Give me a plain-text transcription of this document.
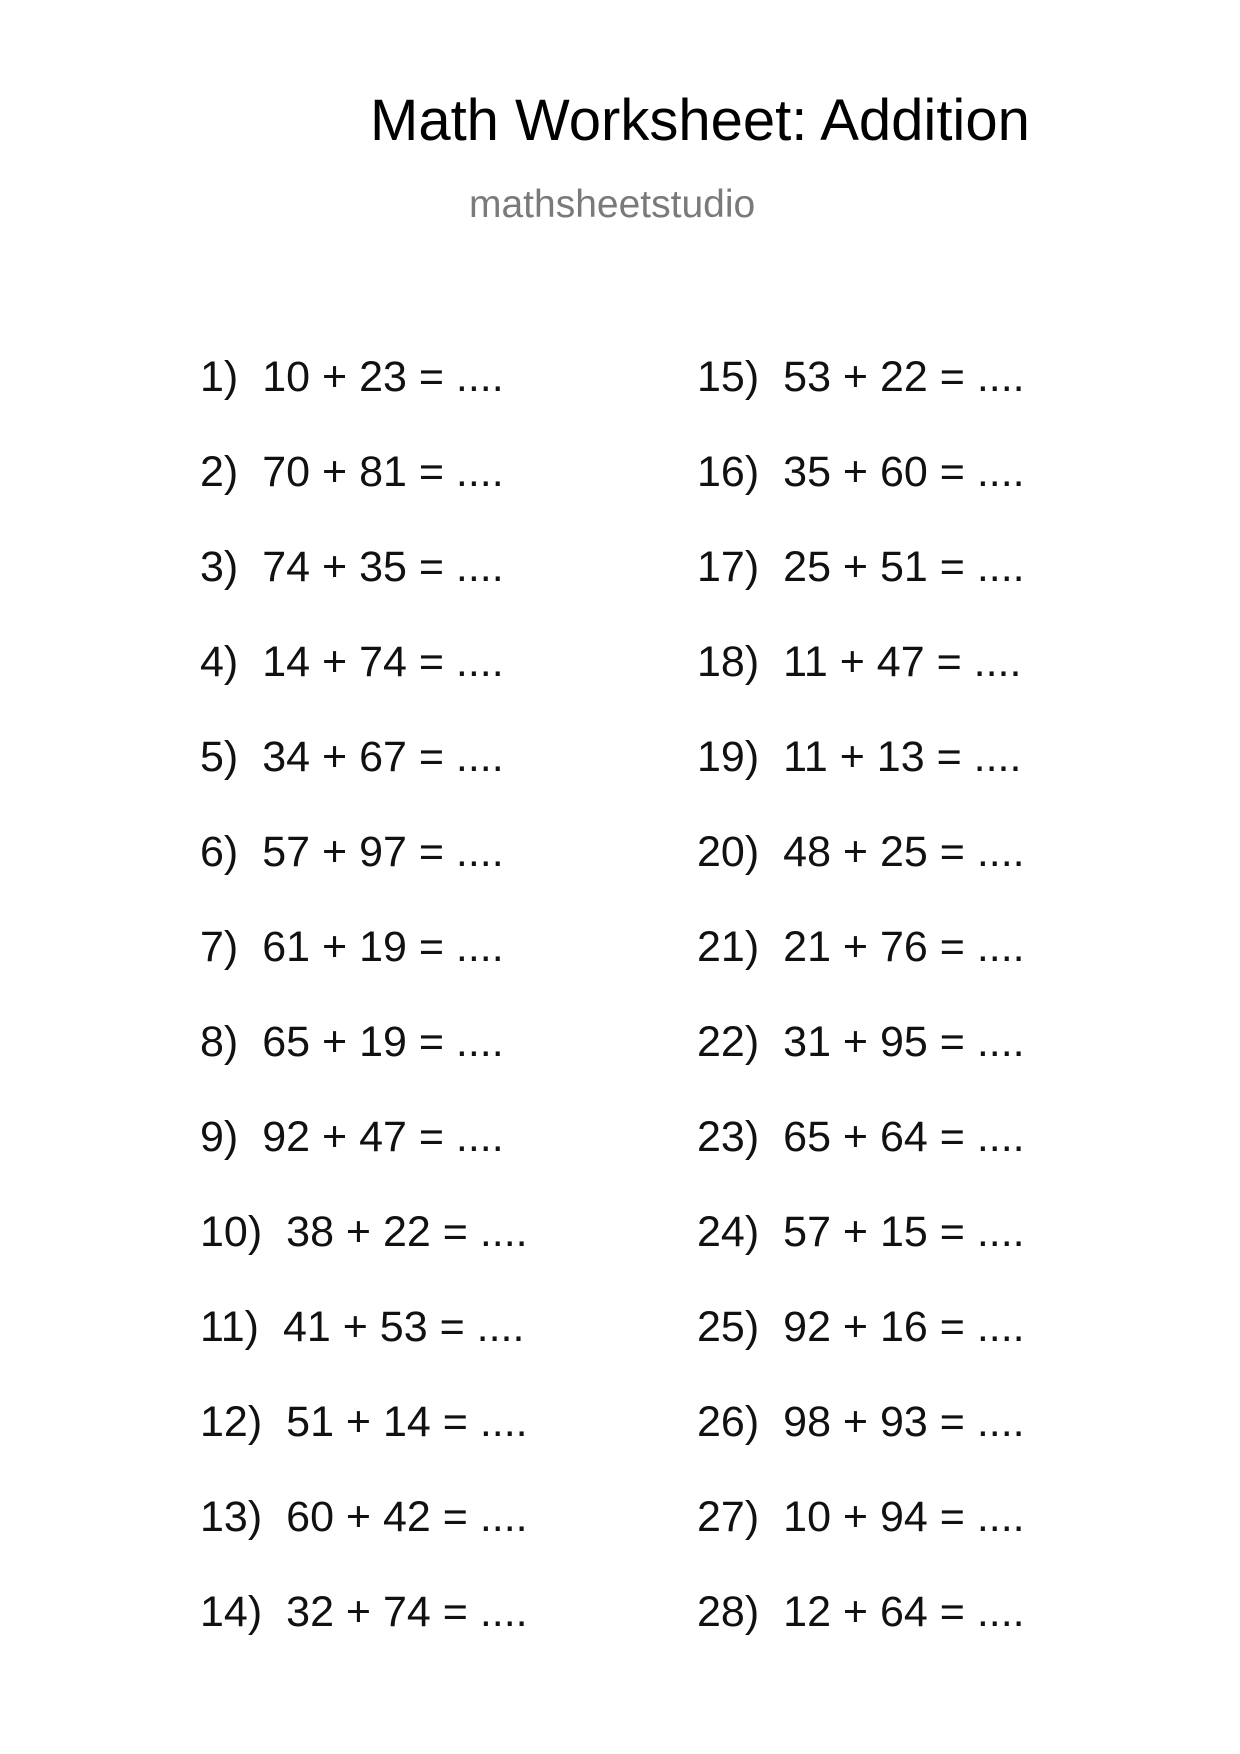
Math Worksheet: Addition
mathsheetstudio
1) 10 + 23 = ....
2) 70 + 81 = ....
3) 74 + 35 = ....
4) 14 + 74 = ....
5) 34 + 67 = ....
6) 57 + 97 = ....
7) 61 + 19 = ....
8) 65 + 19 = ....
9) 92 + 47 = ....
10) 38 + 22 = ....
11) 41 + 53 = ....
12) 51 + 14 = ....
13) 60 + 42 = ....
14) 32 + 74 = ....
15) 53 + 22 = ....
16) 35 + 60 = ....
17) 25 + 51 = ....
18) 11 + 47 = ....
19) 11 + 13 = ....
20) 48 + 25 = ....
21) 21 + 76 = ....
22) 31 + 95 = ....
23) 65 + 64 = ....
24) 57 + 15 = ....
25) 92 + 16 = ....
26) 98 + 93 = ....
27) 10 + 94 = ....
28) 12 + 64 = ....
